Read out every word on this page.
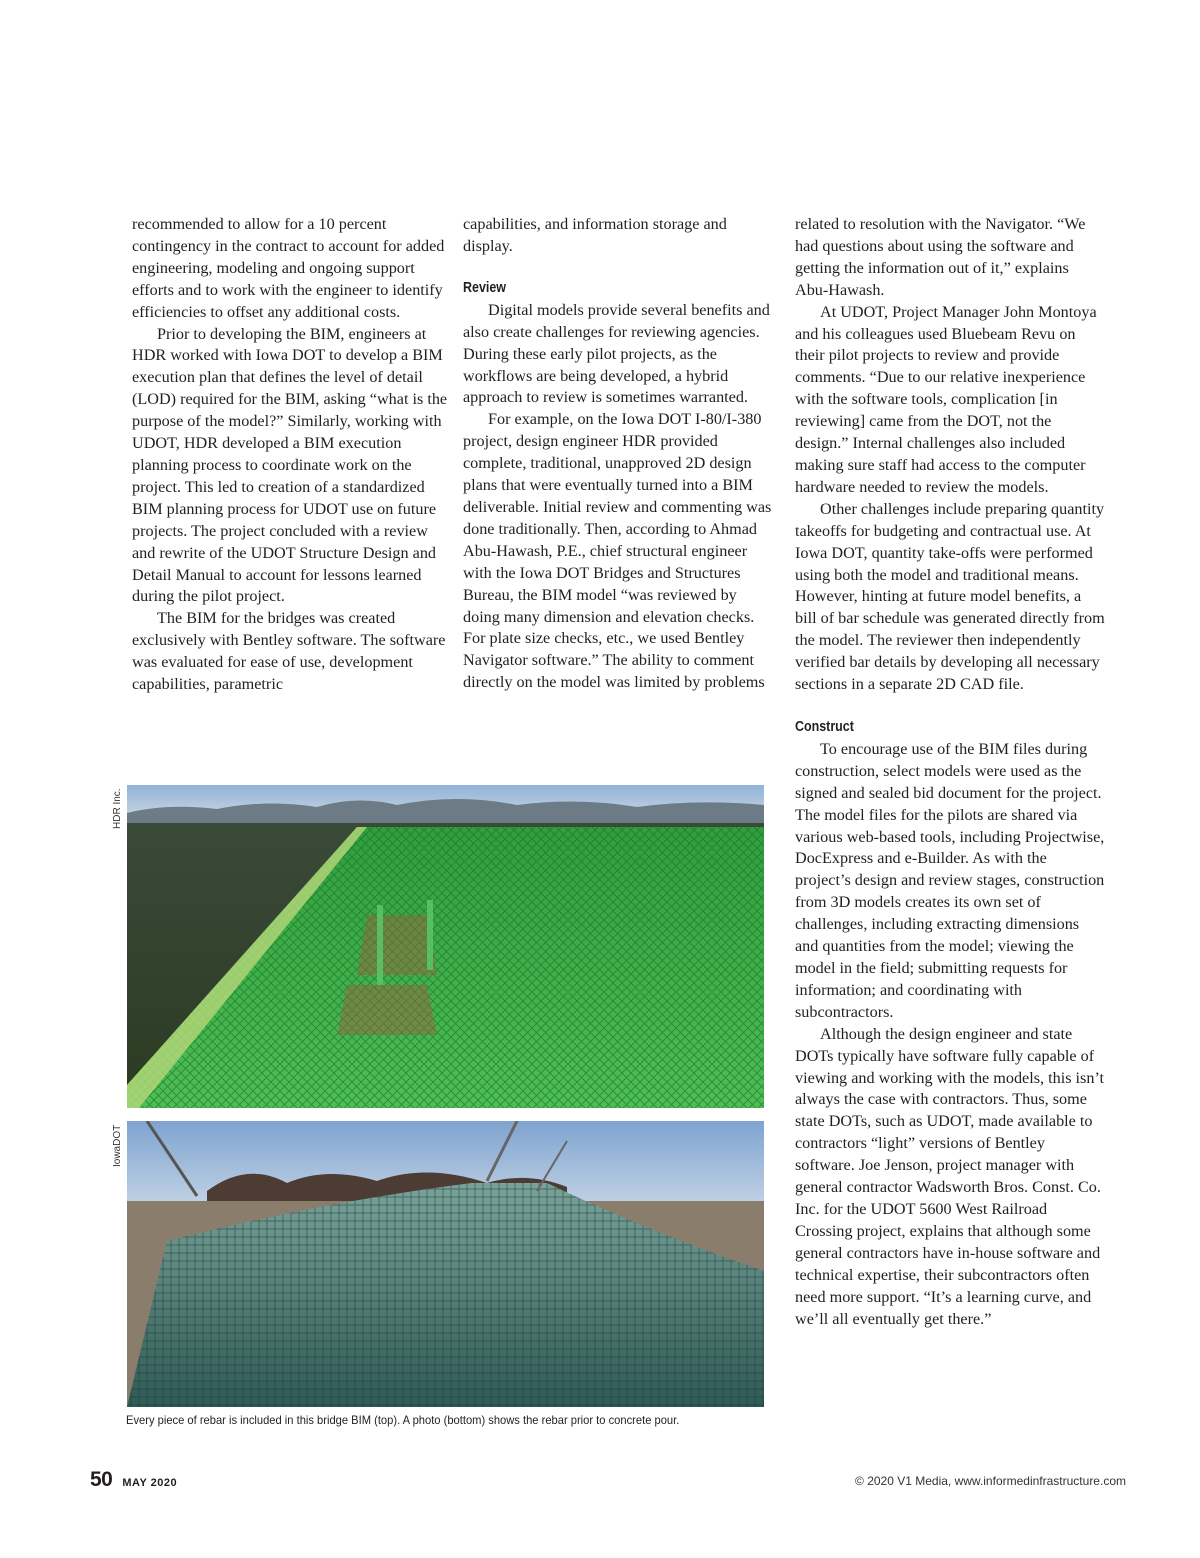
recommended to allow for a 10 percent contingency in the contract to account for added engineering, modeling and ongoing support efforts and to work with the engineer to identify efficiencies to offset any additional costs.

Prior to developing the BIM, engineers at HDR worked with Iowa DOT to develop a BIM execution plan that defines the level of detail (LOD) required for the BIM, asking “what is the purpose of the model?” Similarly, working with UDOT, HDR developed a BIM execution planning process to coordinate work on the project. This led to creation of a standardized BIM planning process for UDOT use on future projects. The project concluded with a review and rewrite of the UDOT Structure Design and Detail Manual to account for lessons learned during the pilot project.

The BIM for the bridges was created exclusively with Bentley software. The software was evaluated for ease of use, development capabilities, parametric

capabilities, and information storage and display.

Review

Digital models provide several benefits and also create challenges for reviewing agencies. During these early pilot projects, as the workflows are being developed, a hybrid approach to review is sometimes warranted.

For example, on the Iowa DOT I-80/I-380 project, design engineer HDR provided complete, traditional, unapproved 2D design plans that were eventually turned into a BIM deliverable. Initial review and commenting was done traditionally. Then, according to Ahmad Abu-Hawash, P.E., chief structural engineer with the Iowa DOT Bridges and Structures Bureau, the BIM model “was reviewed by doing many dimension and elevation checks. For plate size checks, etc., we used Bentley Navigator software.” The ability to comment directly on the model was limited by problems

related to resolution with the Navigator. “We had questions about using the software and getting the information out of it,” explains Abu-Hawash.

At UDOT, Project Manager John Montoya and his colleagues used Bluebeam Revu on their pilot projects to review and provide comments. “Due to our relative inexperience with the software tools, complication [in reviewing] came from the DOT, not the design.” Internal challenges also included making sure staff had access to the computer hardware needed to review the models.

Other challenges include preparing quantity takeoffs for budgeting and contractual use. At Iowa DOT, quantity take-offs were performed using both the model and traditional means. However, hinting at future model benefits, a bill of bar schedule was generated directly from the model. The reviewer then independently verified bar details by developing all necessary sections in a separate 2D CAD file.

Construct

To encourage use of the BIM files during construction, select models were used as the signed and sealed bid document for the project. The model files for the pilots are shared via various web-based tools, including Projectwise, DocExpress and e-Builder. As with the project’s design and review stages, construction from 3D models creates its own set of challenges, including extracting dimensions and quantities from the model; viewing the model in the field; submitting requests for information; and coordinating with subcontractors.

Although the design engineer and state DOTs typically have software fully capable of viewing and working with the models, this isn’t always the case with contractors. Thus, some state DOTs, such as UDOT, made available to contractors “light” versions of Bentley software. Joe Jenson, project manager with general contractor Wadsworth Bros. Const. Co. Inc. for the UDOT 5600 West Railroad Crossing project, explains that although some general contractors have in-house software and technical expertise, their subcontractors often need more support. “It’s a learning curve, and we’ll all eventually get there.”

HDR Inc.
IowaDOT
Every piece of rebar is included in this bridge BIM (top). A photo (bottom) shows the rebar prior to concrete pour.
50 MAY 2020	© 2020 V1 Media, www.informedinfrastructure.com
